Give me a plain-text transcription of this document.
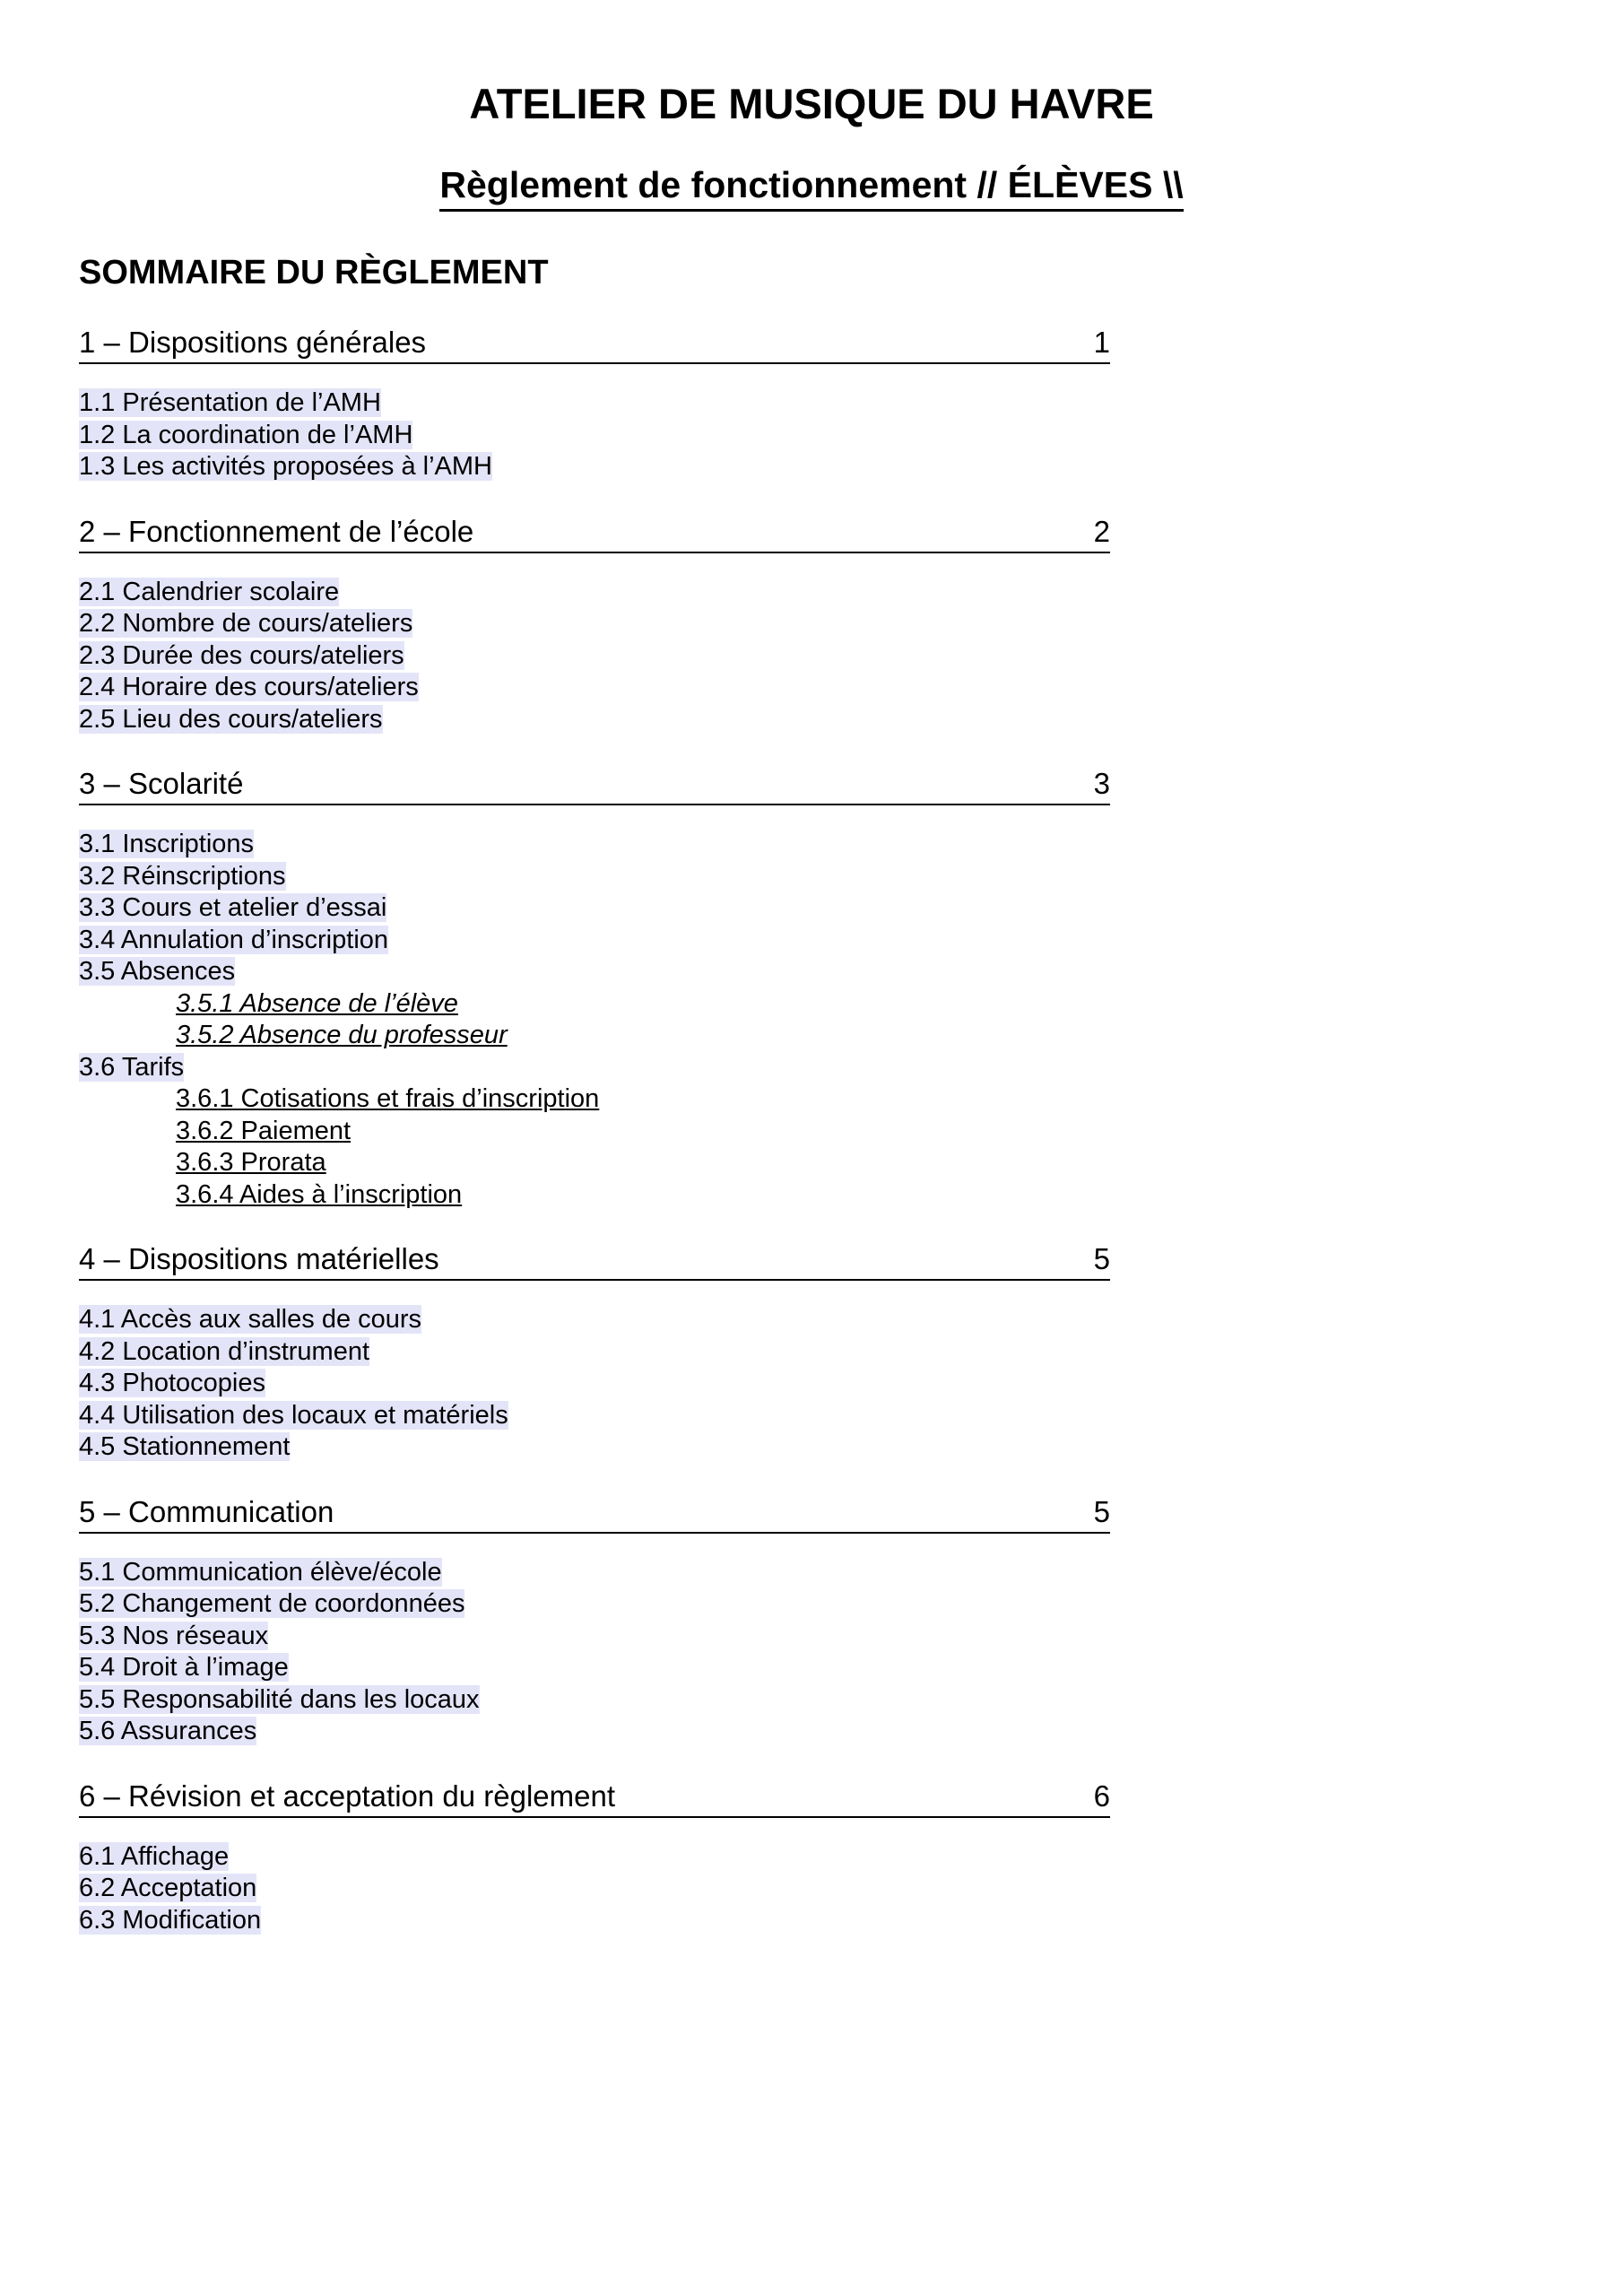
ATELIER DE MUSIQUE DU HAVRE
Règlement de fonctionnement // ÉLÈVES \\
SOMMAIRE DU RÈGLEMENT
1 – Dispositions générales	1
1.1 Présentation de l’AMH
1.2 La coordination de l’AMH
1.3 Les activités proposées à l’AMH
2 – Fonctionnement de l’école	2
2.1 Calendrier scolaire
2.2 Nombre de cours/ateliers
2.3 Durée des cours/ateliers
2.4 Horaire des cours/ateliers
2.5 Lieu des cours/ateliers
3 – Scolarité	3
3.1 Inscriptions
3.2 Réinscriptions
3.3 Cours et atelier d’essai
3.4 Annulation d’inscription
3.5 Absences
3.5.1 Absence de l’élève
3.5.2 Absence du professeur
3.6 Tarifs
3.6.1 Cotisations et frais d’inscription
3.6.2 Paiement
3.6.3 Prorata
3.6.4 Aides à l’inscription
4 – Dispositions matérielles	5
4.1 Accès aux salles de cours
4.2 Location d’instrument
4.3 Photocopies
4.4 Utilisation des locaux et matériels
4.5 Stationnement
5 – Communication	5
5.1 Communication élève/école
5.2 Changement de coordonnées
5.3 Nos réseaux
5.4 Droit à l’image
5.5 Responsabilité dans les locaux
5.6 Assurances
6 – Révision et acceptation du règlement	6
6.1 Affichage
6.2 Acceptation
6.3 Modification
